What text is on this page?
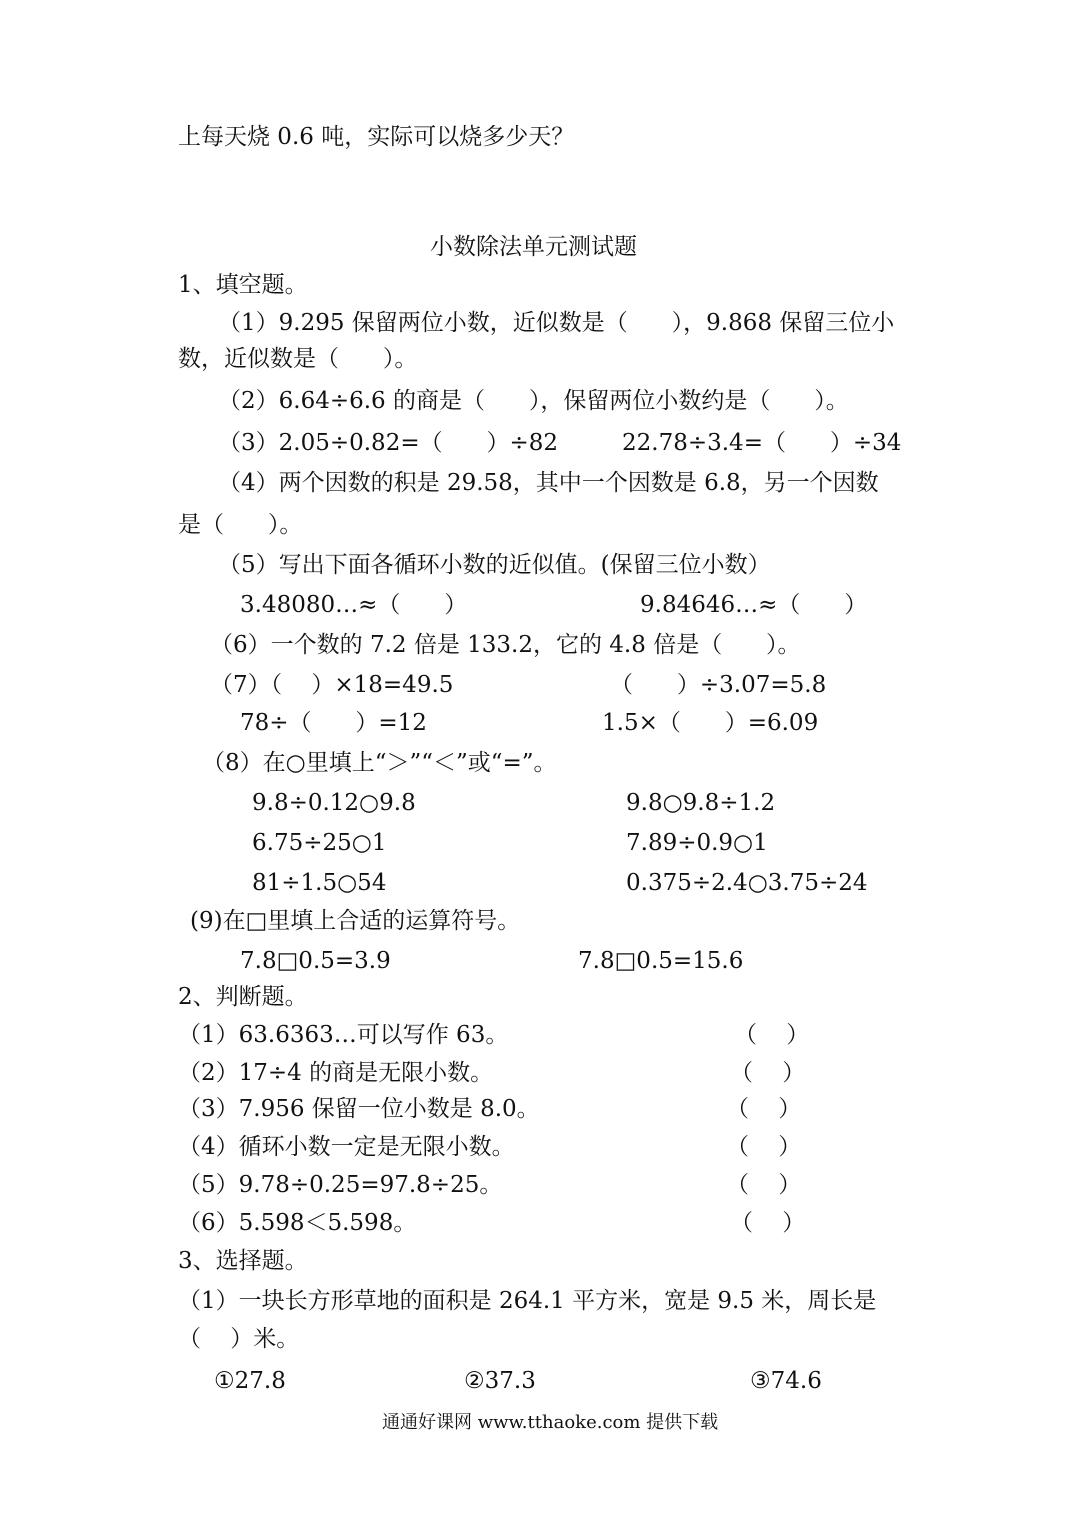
上每天烧 0.6 吨，实际可以烧多少天？
小数除法单元测试题
1、填空题。
（1）9.295 保留两位小数，近似数是（      ），9.868 保留三位小
数，近似数是（      ）。
（2）6.64÷6.6 的商是（      ），保留两位小数约是（      ）。
（3）2.05÷0.82=（      ）÷82	22.78÷3.4=（      ）÷34
（4）两个因数的积是 29.58，其中一个因数是 6.8，另一个因数
是（      ）。
（5）写出下面各循环小数的近似值。(保留三位小数）
3.48080…≈（      ）	9.84646…≈（      ）
（6）一个数的 7.2 倍是 133.2，它的 4.8 倍是（      ）。
（7）（    ）×18=49.5	（      ）÷3.07=5.8
78÷（      ）=12	1.5×（      ）=6.09
（8）在○里填上“＞”“＜”或“=”。
9.8÷0.12○9.8	9.8○9.8÷1.2
6.75÷25○1	7.89÷0.9○1
81÷1.5○54	0.375÷2.4○3.75÷24
(9)在□里填上合适的运算符号。
7.8□0.5=3.9	7.8□0.5=15.6
2、判断题。
（1）63.6363…可以写作 63。	（    ）
（2）17÷4 的商是无限小数。	（    ）
（3）7.956 保留一位小数是 8.0。	（    ）
（4）循环小数一定是无限小数。	（    ）
（5）9.78÷0.25=97.8÷25。	（    ）
（6）5.598＜5.598。	（    ）
3、选择题。
（1）一块长方形草地的面积是 264.1 平方米，宽是 9.5 米，周长是
（    ）米。
①27.8	②37.3	③74.6
通通好课网 www.tthaoke.com 提供下载
